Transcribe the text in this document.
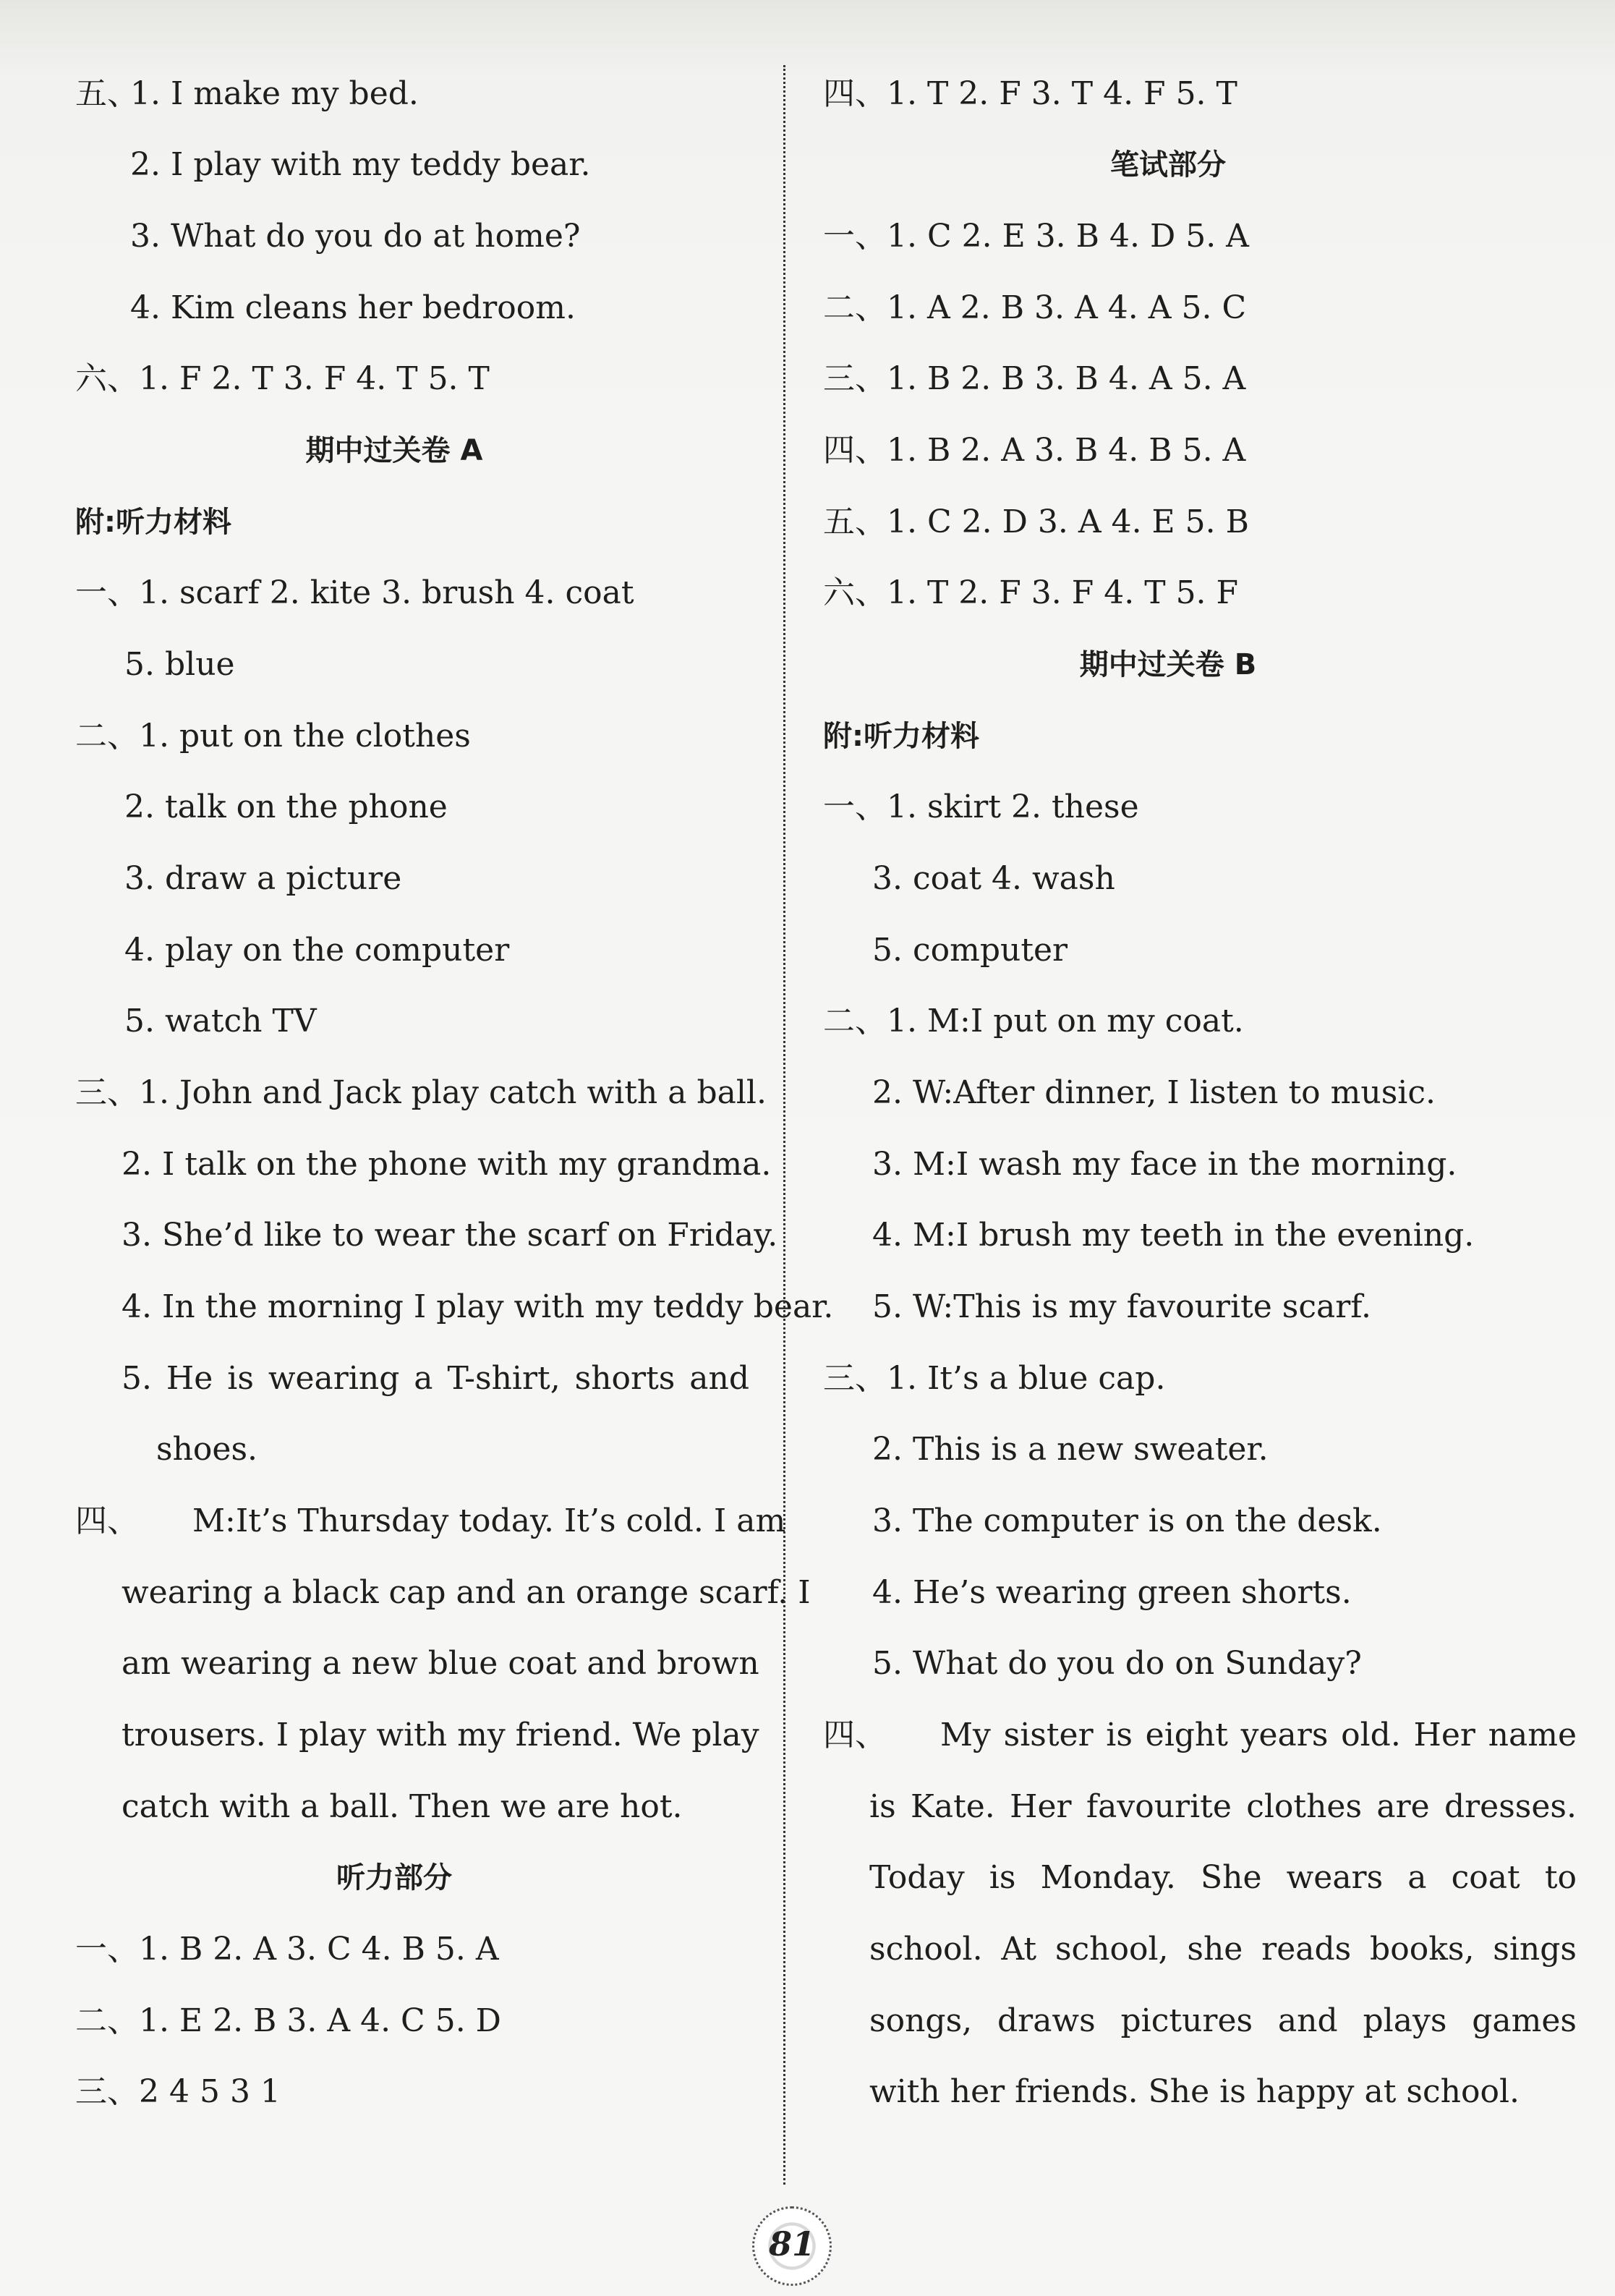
五、
1. I make my bed.
2. I play with my teddy bear.
3. What do you do at home?
4. Kim cleans her bedroom.
六、1. F 2. T 3. F 4. T 5. T
期中过关卷 A
附:听力材料
一、1. scarf 2. kite 3. brush 4. coat
5. blue
二、1. put on the clothes
2. talk on the phone
3. draw a picture
4. play on the computer
5. watch TV
三、1. John and Jack play catch with a ball.
2. I talk on the phone with my grandma.
3. She’d like to wear the scarf on Friday.
4. In the morning I play with my teddy bear.
5. He is wearing a T-shirt, shorts and
shoes.
四、 M:It’s Thursday today. It’s cold. I am
wearing a black cap and an orange scarf. I
am wearing a new blue coat and brown
trousers. I play with my friend. We play
catch with a ball. Then we are hot.
听力部分
一、1. B 2. A 3. C 4. B 5. A
二、1. E 2. B 3. A 4. C 5. D
三、2 4 5 3 1
四、1. T 2. F 3. T 4. F 5. T
笔试部分
一、1. C 2. E 3. B 4. D 5. A
二、1. A 2. B 3. A 4. A 5. C
三、1. B 2. B 3. B 4. A 5. A
四、1. B 2. A 3. B 4. B 5. A
五、1. C 2. D 3. A 4. E 5. B
六、1. T 2. F 3. F 4. T 5. F
期中过关卷 B
附:听力材料
一、1. skirt 2. these
3. coat 4. wash
5. computer
二、1. M:I put on my coat.
2. W:After dinner, I listen to music.
3. M:I wash my face in the morning.
4. M:I brush my teeth in the evening.
5. W:This is my favourite scarf.
三、1. It’s a blue cap.
2. This is a new sweater.
3. The computer is on the desk.
4. He’s wearing green shorts.
5. What do you do on Sunday?
四、 My sister is eight years old. Her name
is Kate. Her favourite clothes are dresses.
Today is Monday. She wears a coat to
school. At school, she reads books, sings
songs, draws pictures and plays games
with her friends. She is happy at school.
81
